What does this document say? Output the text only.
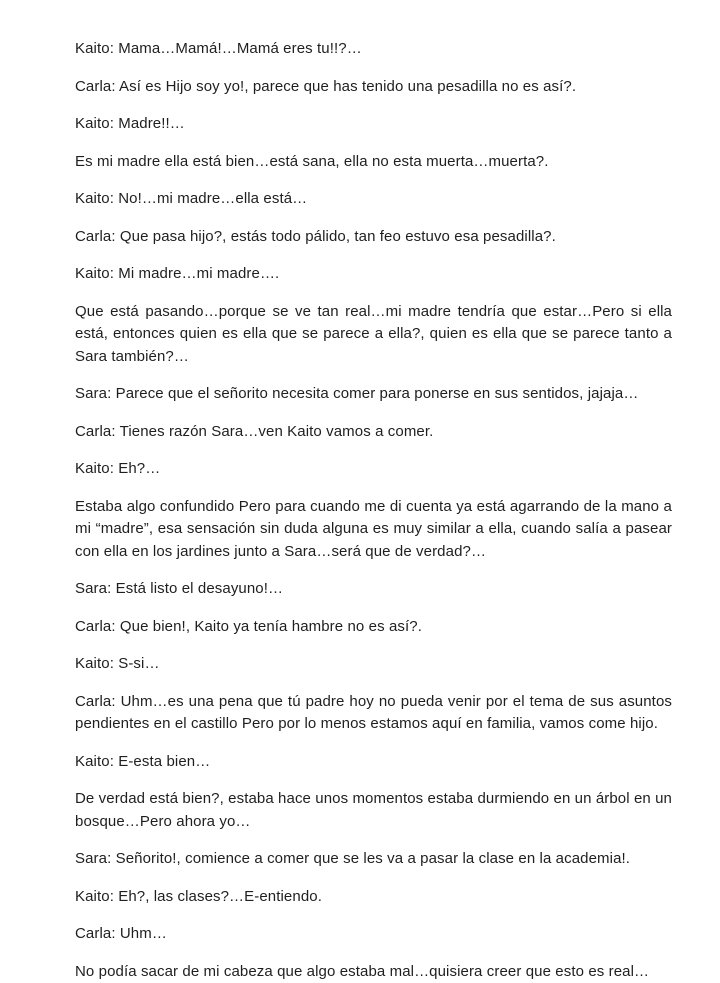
Kaito: Mama…Mamá!…Mamá eres tu!!?…

Carla: Así es Hijo soy yo!, parece que has tenido una pesadilla no es así?.

Kaito: Madre!!…

Es mi madre ella está bien…está sana, ella no esta muerta…muerta?.

Kaito: No!…mi madre…ella está…

Carla: Que pasa hijo?, estás todo pálido, tan feo estuvo esa pesadilla?.

Kaito: Mi madre…mi madre….

Que está pasando…porque se ve tan real…mi madre tendría que estar…Pero si ella está, entonces quien es ella que se parece a ella?, quien es ella que se parece tanto a Sara también?…

Sara: Parece que el señorito necesita comer para ponerse en sus sentidos, jajaja…

Carla: Tienes razón Sara…ven Kaito vamos a comer.

Kaito: Eh?…

Estaba algo confundido Pero para cuando me di cuenta ya está agarrando de la mano a mi “madre”, esa sensación sin duda alguna es muy similar a ella, cuando salía a pasear con ella en los jardines junto a Sara…será que de verdad?…

Sara: Está listo el desayuno!…

Carla: Que bien!, Kaito ya tenía hambre no es así?.

Kaito: S-si…

Carla: Uhm…es una pena que tú padre hoy no pueda venir por el tema de sus asuntos pendientes en el castillo Pero por lo menos estamos aquí en familia, vamos come hijo.

Kaito: E-esta bien…

De verdad está bien?, estaba hace unos momentos estaba durmiendo en un árbol en un bosque…Pero ahora yo…

Sara: Señorito!, comience a comer que se les va a pasar la clase en la academia!.

Kaito: Eh?, las clases?…E-entiendo.

Carla: Uhm…

No podía sacar de mi cabeza que algo estaba mal…quisiera creer que esto es real…
